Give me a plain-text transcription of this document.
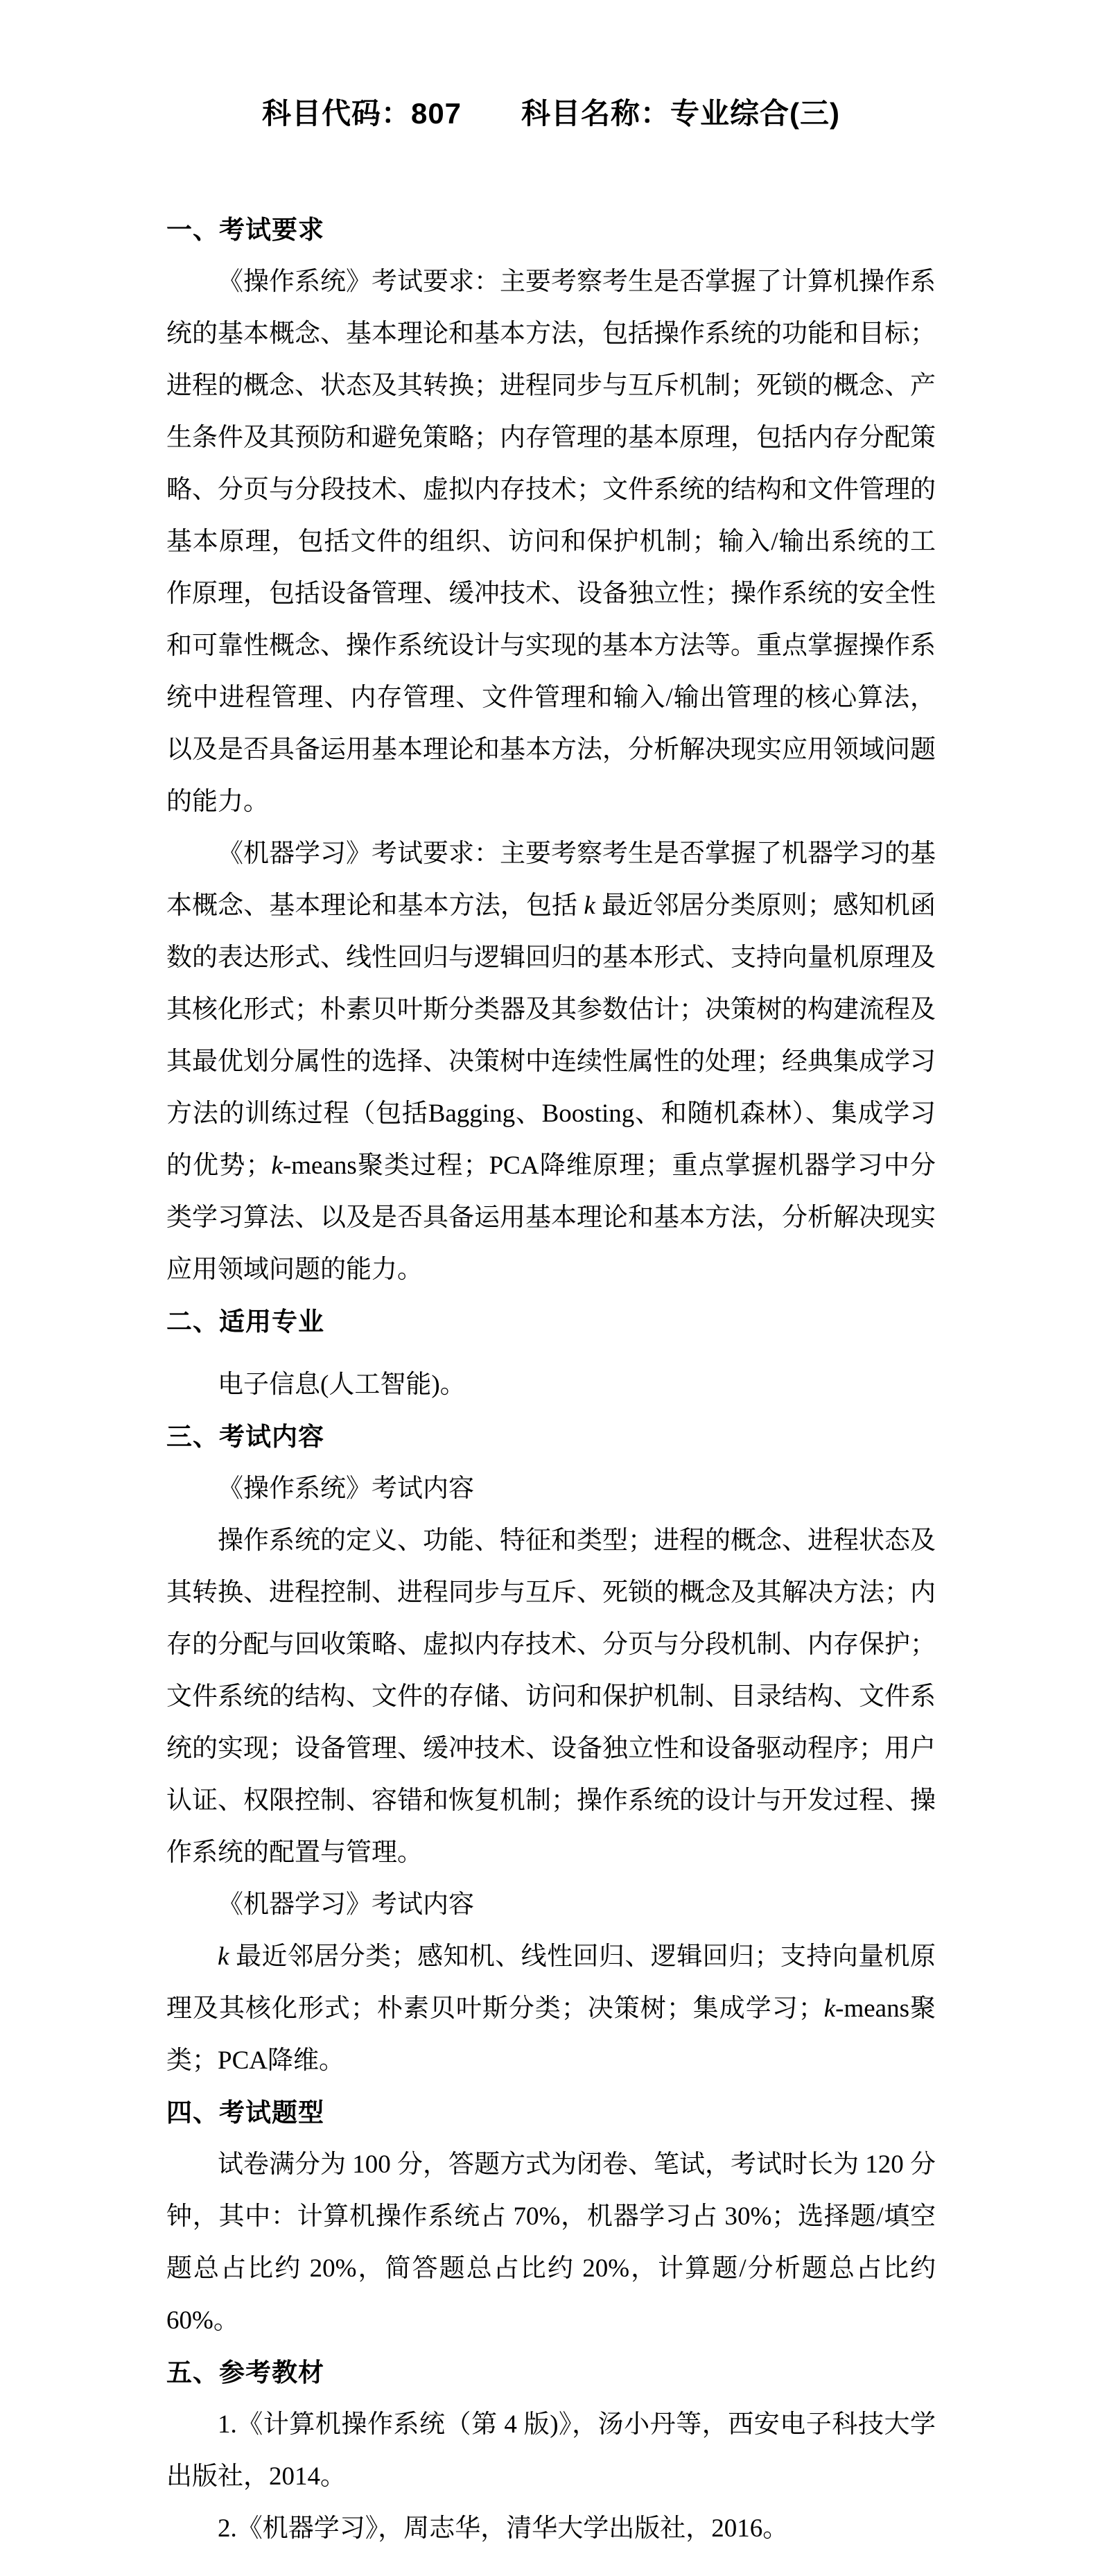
科目代码：807　　科目名称：专业综合(三)

一、考试要求

《操作系统》考试要求：主要考察考生是否掌握了计算机操作系统的基本概念、基本理论和基本方法，包括操作系统的功能和目标；进程的概念、状态及其转换；进程同步与互斥机制；死锁的概念、产生条件及其预防和避免策略；内存管理的基本原理，包括内存分配策略、分页与分段技术、虚拟内存技术；文件系统的结构和文件管理的基本原理，包括文件的组织、访问和保护机制；输入/输出系统的工作原理，包括设备管理、缓冲技术、设备独立性；操作系统的安全性和可靠性概念、操作系统设计与实现的基本方法等。重点掌握操作系统中进程管理、内存管理、文件管理和输入/输出管理的核心算法，以及是否具备运用基本理论和基本方法，分析解决现实应用领域问题的能力。

《机器学习》考试要求：主要考察考生是否掌握了机器学习的基本概念、基本理论和基本方法，包括 k 最近邻居分类原则；感知机函数的表达形式、线性回归与逻辑回归的基本形式、支持向量机原理及其核化形式；朴素贝叶斯分类器及其参数估计；决策树的构建流程及其最优划分属性的选择、决策树中连续性属性的处理；经典集成学习方法的训练过程（包括Bagging、Boosting、和随机森林）、集成学习的优势；k-means聚类过程；PCA降维原理；重点掌握机器学习中分类学习算法、以及是否具备运用基本理论和基本方法，分析解决现实应用领域问题的能力。

二、适用专业

电子信息(人工智能)。

三、考试内容

《操作系统》考试内容

操作系统的定义、功能、特征和类型；进程的概念、进程状态及其转换、进程控制、进程同步与互斥、死锁的概念及其解决方法；内存的分配与回收策略、虚拟内存技术、分页与分段机制、内存保护；文件系统的结构、文件的存储、访问和保护机制、目录结构、文件系统的实现；设备管理、缓冲技术、设备独立性和设备驱动程序；用户认证、权限控制、容错和恢复机制；操作系统的设计与开发过程、操作系统的配置与管理。

《机器学习》考试内容

k 最近邻居分类；感知机、线性回归、逻辑回归；支持向量机原理及其核化形式；朴素贝叶斯分类；决策树；集成学习；k-means聚类；PCA降维。

四、考试题型

试卷满分为 100 分，答题方式为闭卷、笔试，考试时长为 120 分钟，其中：计算机操作系统占 70%，机器学习占 30%；选择题/填空题总占比约 20%，简答题总占比约 20%，计算题/分析题总占比约 60%。

五、参考教材

1.《计算机操作系统（第 4 版)》，汤小丹等，西安电子科技大学出版社，2014。

2.《机器学习》，周志华，清华大学出版社，2016。
